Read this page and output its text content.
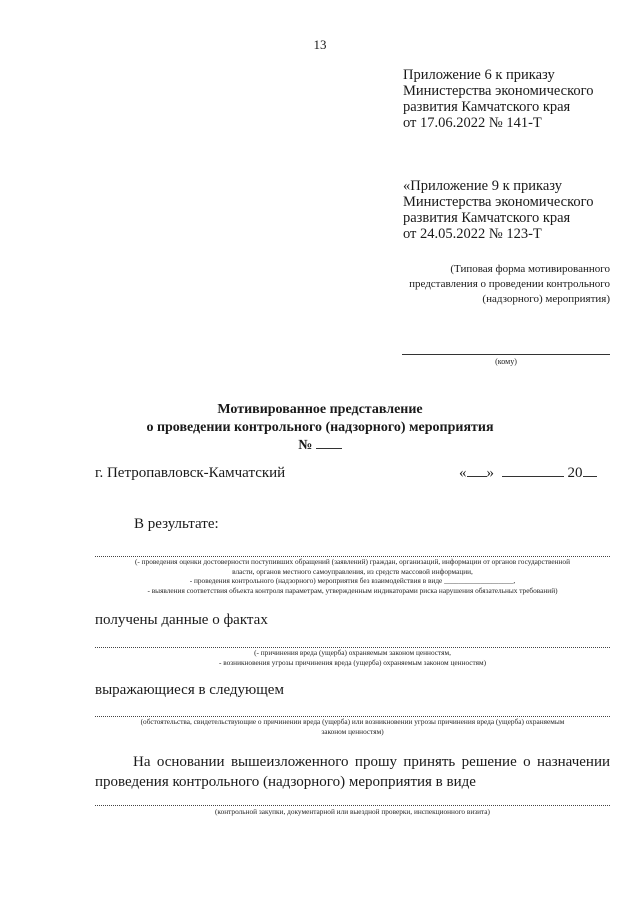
13
Приложение 6 к приказу
Министерства экономического
развития Камчатского края
от 17.06.2022 № 141-Т
«Приложение 9 к приказу
Министерства экономического
развития Камчатского края
от 24.05.2022 № 123-Т
(Типовая форма мотивированного
представления о проведении контрольного
(надзорного) мероприятия)
(кому)
Мотивированное представление
о проведении контрольного (надзорного) мероприятия
№
г. Петропавловск-Камчатский	« »	20
В результате:
(- проведения оценки достоверности поступивших обращений (заявлений) граждан, организаций, информации от органов государственной
власти, органов местного самоуправления, из средств массовой информации,
- проведения контрольного (надзорного) мероприятия без взаимодействия в виде ___________________,
- выявления соответствия объекта контроля параметрам, утвержденным индикаторами риска нарушения обязательных требований)
получены данные о фактах
(- причинения вреда (ущерба) охраняемым законом ценностям,
- возникновения угрозы причинения вреда (ущерба) охраняемым законом ценностям)
выражающиеся в следующем
(обстоятельства, свидетельствующие о причинении вреда (ущерба) или возникновении угрозы причинения вреда (ущерба) охраняемым
законом ценностям)
На основании вышеизложенного прошу принять решение о назначении
проведения контрольного (надзорного) мероприятия в виде
(контрольной закупки, документарной или выездной проверки, инспекционного визита)
